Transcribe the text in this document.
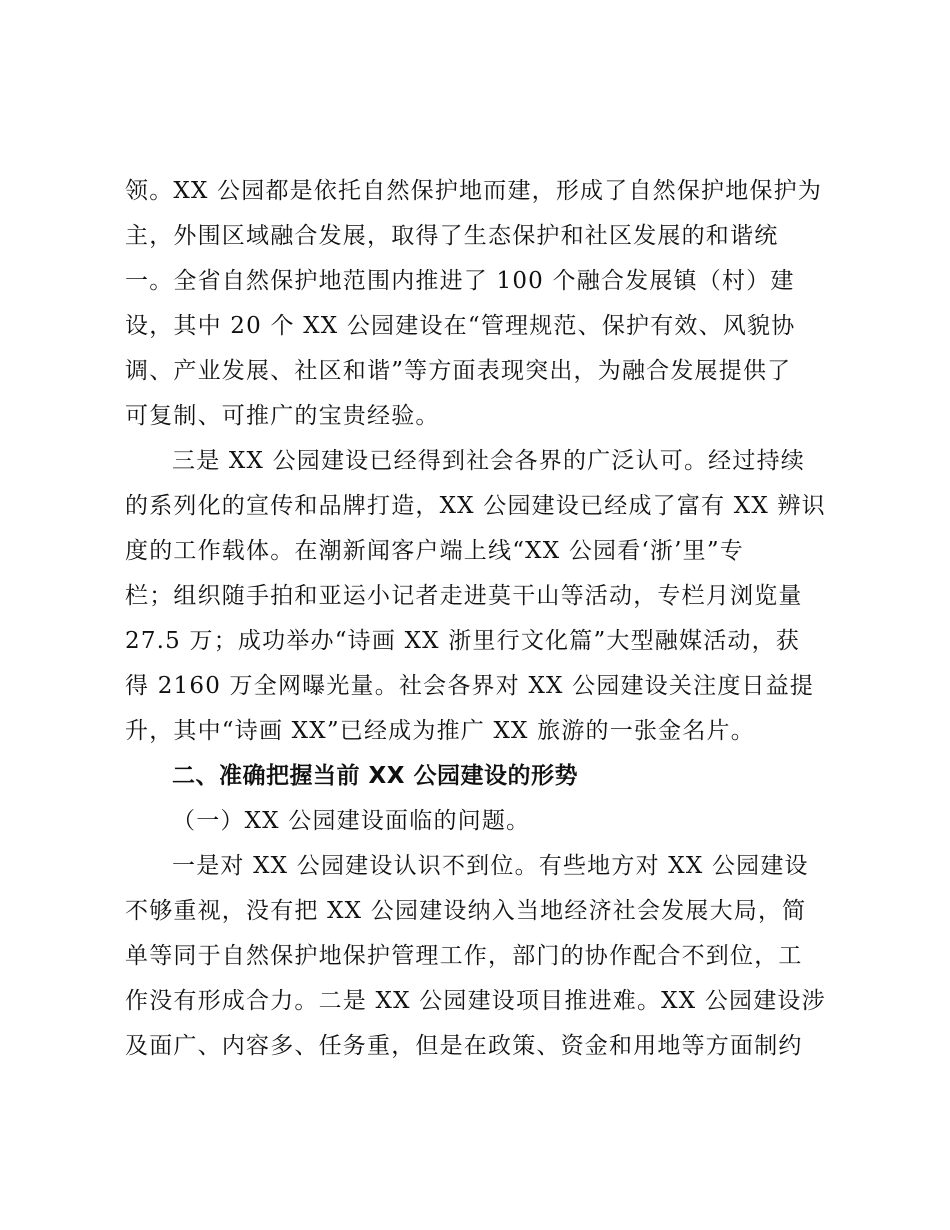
领。XX 公园都是依托自然保护地而建，形成了自然保护地保护为
主，外围区域融合发展，取得了生态保护和社区发展的和谐统
一。全省自然保护地范围内推进了 100 个融合发展镇（村）建
设，其中 20 个 XX 公园建设在“管理规范、保护有效、风貌协
调、产业发展、社区和谐”等方面表现突出，为融合发展提供了
可复制、可推广的宝贵经验。
三是 XX 公园建设已经得到社会各界的广泛认可。经过持续
的系列化的宣传和品牌打造，XX 公园建设已经成了富有 XX 辨识
度的工作载体。在潮新闻客户端上线“XX 公园看‘浙’里”专
栏；组织随手拍和亚运小记者走进莫干山等活动，专栏月浏览量
27.5 万；成功举办“诗画 XX 浙里行文化篇”大型融媒活动，获
得 2160 万全网曝光量。社会各界对 XX 公园建设关注度日益提
升，其中“诗画 XX”已经成为推广 XX 旅游的一张金名片。
二、准确把握当前 XX 公园建设的形势
（一）XX 公园建设面临的问题。
一是对 XX 公园建设认识不到位。有些地方对 XX 公园建设
不够重视，没有把 XX 公园建设纳入当地经济社会发展大局，简
单等同于自然保护地保护管理工作，部门的协作配合不到位，工
作没有形成合力。二是 XX 公园建设项目推进难。XX 公园建设涉
及面广、内容多、任务重，但是在政策、资金和用地等方面制约
